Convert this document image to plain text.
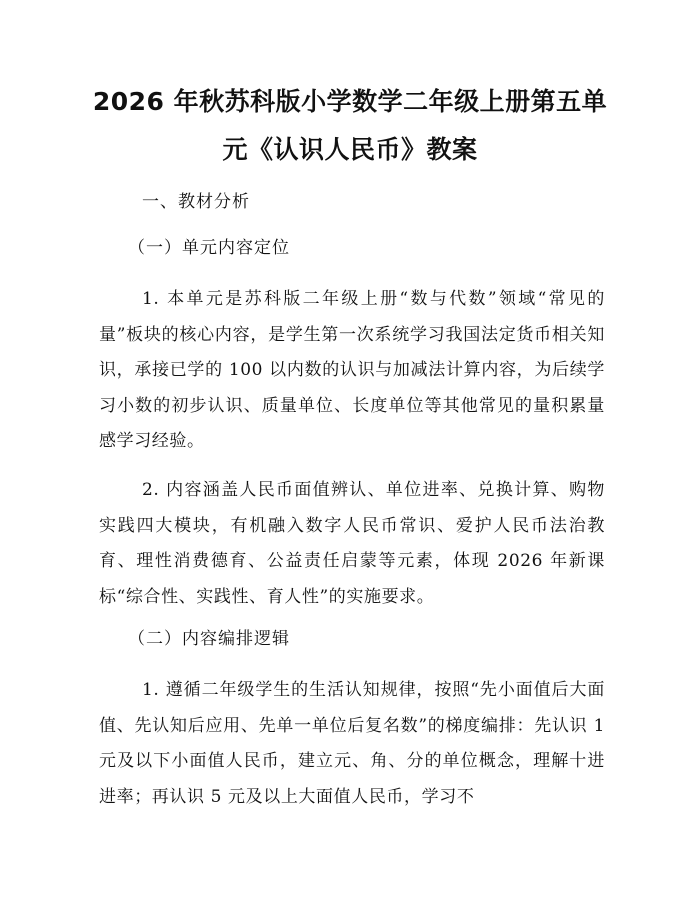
2026 年秋苏科版小学数学二年级上册第五单
元《认识人民币》教案

一、教材分析

（一）单元内容定位

1. 本单元是苏科版二年级上册“数与代数”领域“常见的量”板块的核心内容，是学生第一次系统学习我国法定货币相关知识，承接已学的 100 以内数的认识与加减法计算内容，为后续学习小数的初步认识、质量单位、长度单位等其他常见的量积累量感学习经验。

2. 内容涵盖人民币面值辨认、单位进率、兑换计算、购物实践四大模块，有机融入数字人民币常识、爱护人民币法治教育、理性消费德育、公益责任启蒙等元素，体现 2026 年新课标“综合性、实践性、育人性”的实施要求。

（二）内容编排逻辑

1. 遵循二年级学生的生活认知规律，按照“先小面值后大面值、先认知后应用、先单一单位后复名数”的梯度编排：先认识 1 元及以下小面值人民币，建立元、角、分的单位概念，理解十进进率；再认识 5 元及以上大面值人民币，学习不
